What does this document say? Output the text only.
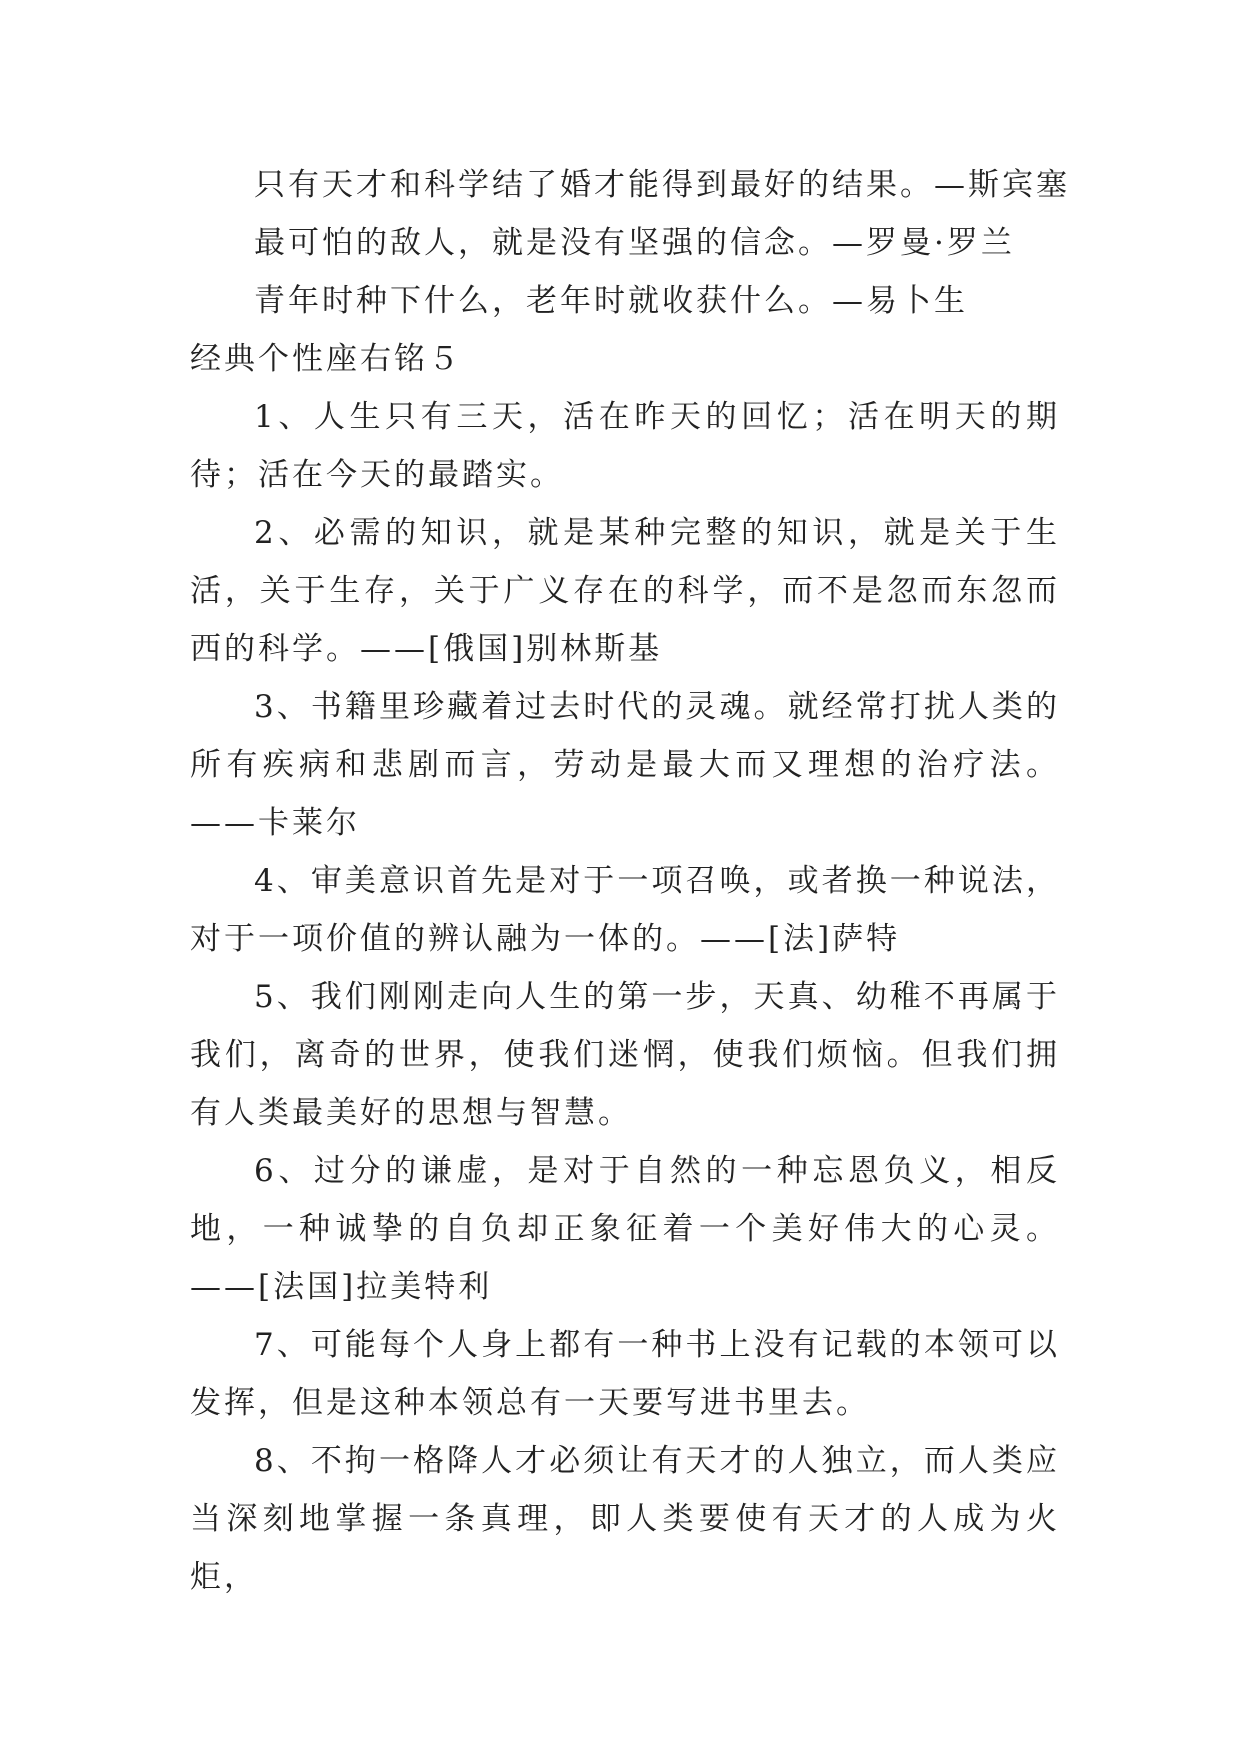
只有天才和科学结了婚才能得到最好的结果。—斯宾塞

最可怕的敌人，就是没有坚强的信念。—罗曼·罗兰

青年时种下什么，老年时就收获什么。—易卜生

经典个性座右铭５

1、人生只有三天，活在昨天的回忆；活在明天的期待；活在今天的最踏实。

2、必需的知识，就是某种完整的知识，就是关于生活，关于生存，关于广义存在的科学，而不是忽而东忽而西的科学。——[俄国]别林斯基

3、书籍里珍藏着过去时代的灵魂。就经常打扰人类的所有疾病和悲剧而言，劳动是最大而又理想的治疗法。——卡莱尔

4、审美意识首先是对于一项召唤，或者换一种说法，对于一项价值的辨认融为一体的。——[法]萨特

5、我们刚刚走向人生的第一步，天真、幼稚不再属于我们，离奇的世界，使我们迷惘，使我们烦恼。但我们拥有人类最美好的思想与智慧。

6、过分的谦虚，是对于自然的一种忘恩负义，相反地，一种诚挚的自负却正象征着一个美好伟大的心灵。——[法国]拉美特利

7、可能每个人身上都有一种书上没有记载的本领可以发挥，但是这种本领总有一天要写进书里去。

8、不拘一格降人才必须让有天才的人独立，而人类应当深刻地掌握一条真理，即人类要使有天才的人成为火炬，
